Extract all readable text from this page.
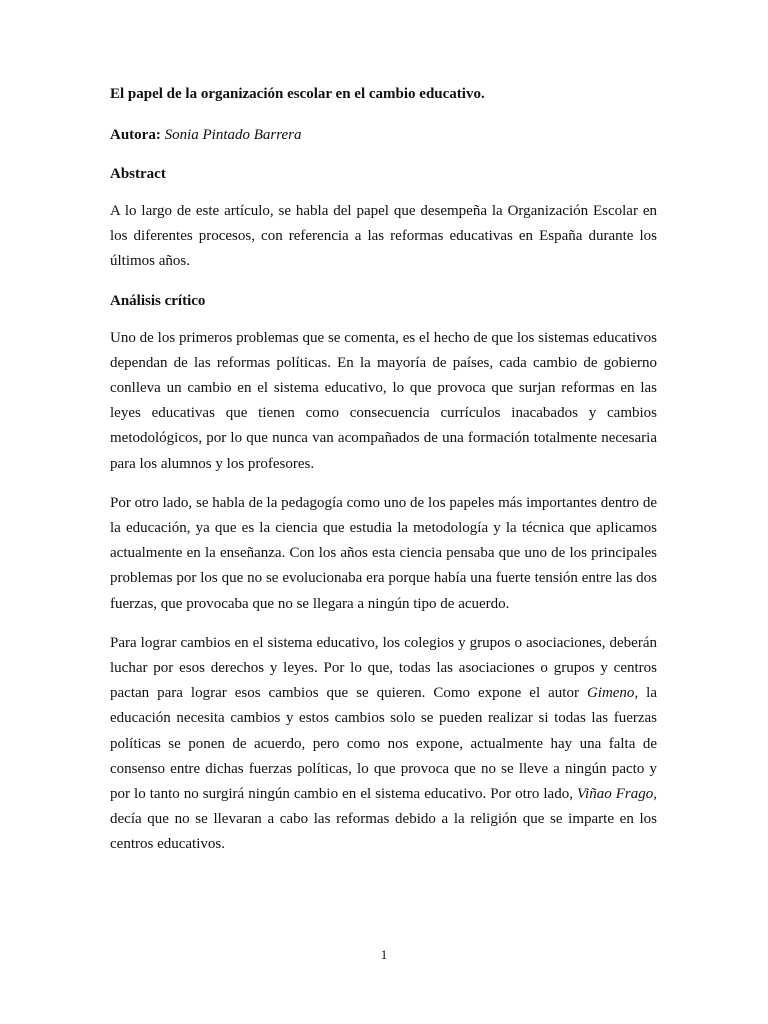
El papel de la organización escolar en el cambio educativo.

Autora: Sonia Pintado Barrera

Abstract

A lo largo de este artículo, se habla del papel que desempeña la Organización Escolar en los diferentes procesos, con referencia a las reformas educativas en España durante los últimos años.

Análisis crítico

Uno de los primeros problemas que se comenta, es el hecho de que los sistemas educativos dependan de las reformas políticas. En la mayoría de países, cada cambio de gobierno conlleva un cambio en el sistema educativo, lo que provoca que surjan reformas en las leyes educativas que tienen como consecuencia currículos inacabados y cambios metodológicos, por lo que nunca van acompañados de una formación totalmente necesaria para los alumnos y los profesores.

Por otro lado, se habla de la pedagogía como uno de los papeles más importantes dentro de la educación, ya que es la ciencia que estudia la metodología y la técnica que aplicamos actualmente en la enseñanza. Con los años esta ciencia pensaba que uno de los principales problemas por los que no se evolucionaba era porque había una fuerte tensión entre las dos fuerzas, que provocaba que no se llegara a ningún tipo de acuerdo.

Para lograr cambios en el sistema educativo, los colegios y grupos o asociaciones, deberán luchar por esos derechos y leyes. Por lo que, todas las asociaciones o grupos y centros pactan para lograr esos cambios que se quieren. Como expone el autor Gimeno, la educación necesita cambios y estos cambios solo se pueden realizar si todas las fuerzas políticas se ponen de acuerdo, pero como nos expone, actualmente hay una falta de consenso entre dichas fuerzas políticas, lo que provoca que no se lleve a ningún pacto y por lo tanto no surgirá ningún cambio en el sistema educativo. Por otro lado, Viñao Frago, decía que no se llevaran a cabo las reformas debido a la religión que se imparte en los centros educativos.

1
